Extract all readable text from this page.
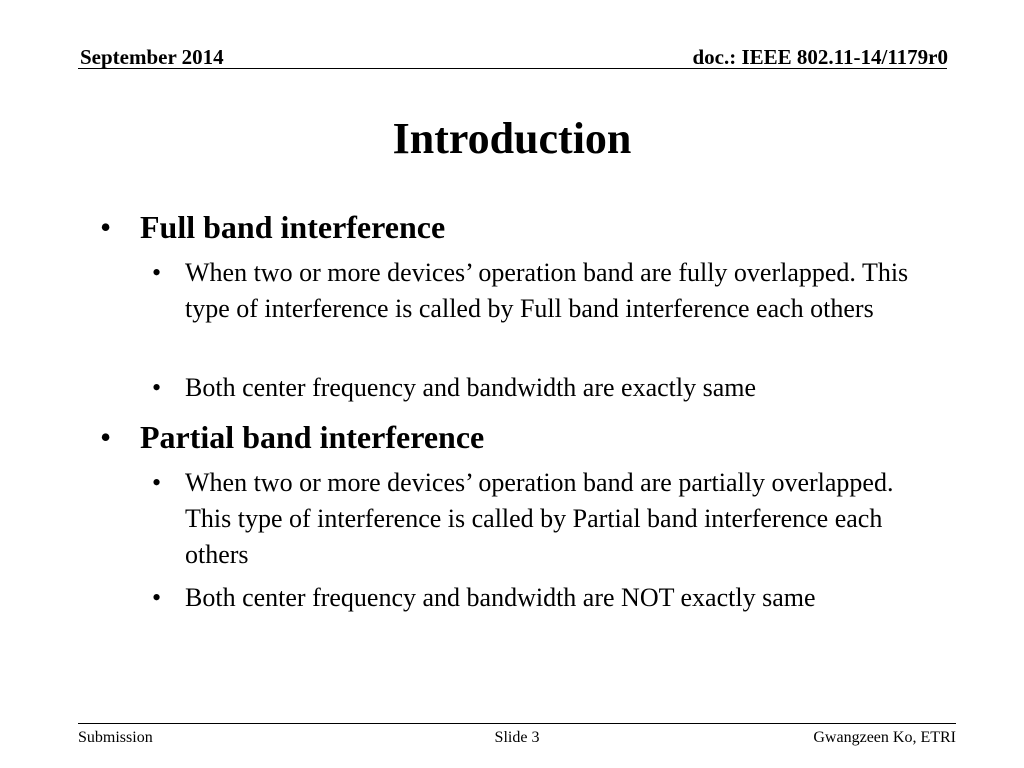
September 2014	doc.: IEEE 802.11-14/1179r0
Introduction
• Full band interference
• When two or more devices’ operation band are fully overlapped. This type of interference is called by Full band interference each others
• Both center frequency and bandwidth are exactly same
• Partial band interference
• When two or more devices’ operation band are partially overlapped. This type of interference is called by Partial band interference each others
• Both center frequency and bandwidth are NOT exactly same
Submission	Slide 3	Gwangzeen Ko, ETRI
